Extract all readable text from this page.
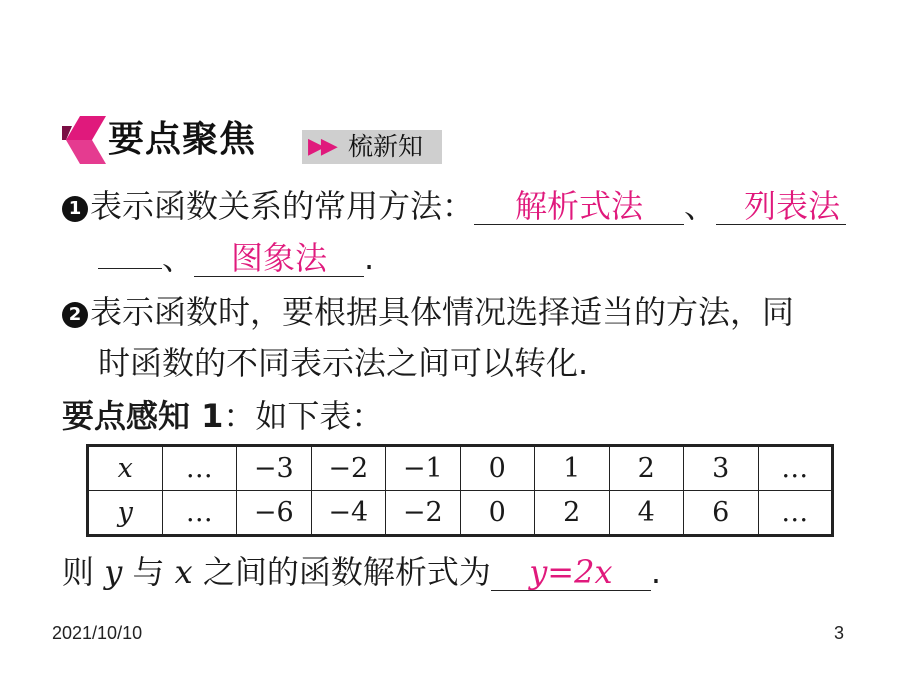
要点聚焦 ▶▶ 梳新知
1 表示函数关系的常用方法： 解析式法 、 列表法
、 图象法 .
2 表示函数时，要根据具体情况选择适当的方法，同
时函数的不同表示法之间可以转化.
要点感知 1：如下表：
x	…	−3	−2	−1	0	1	2	3	…
y	…	−6	−4	−2	0	2	4	6	…
则 y 与 x 之间的函数解析式为 y=2x .
2021/10/10	3
